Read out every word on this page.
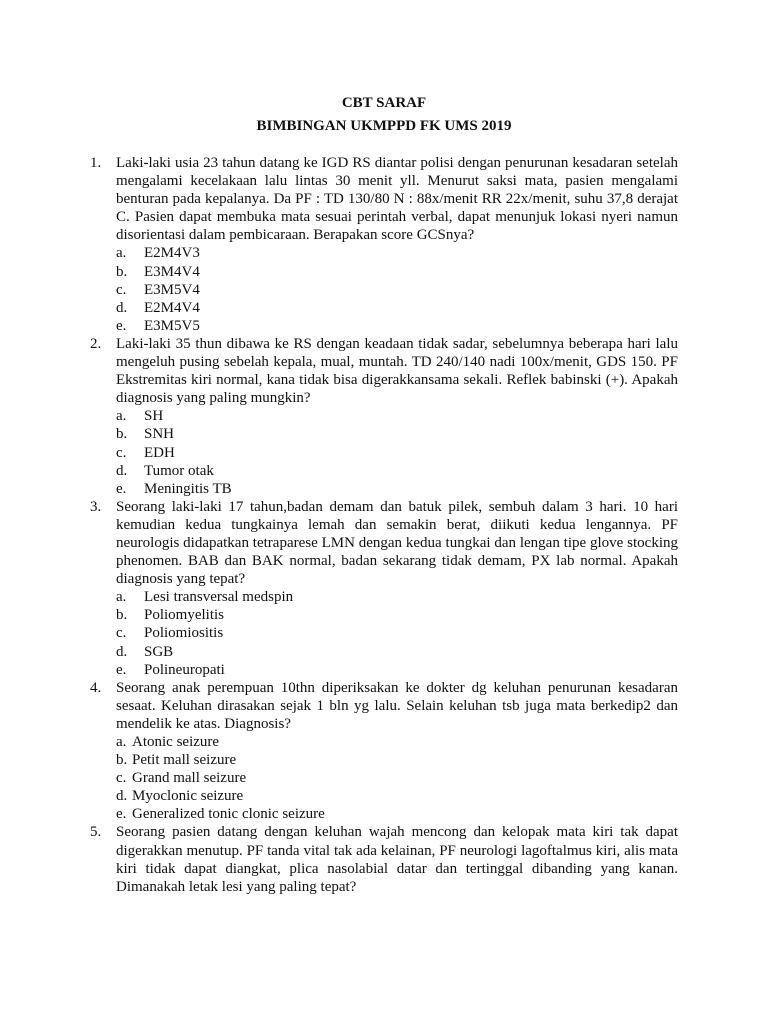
CBT SARAF
BIMBINGAN UKMPPD FK UMS 2019
1. Laki-laki usia 23 tahun datang ke IGD RS diantar polisi dengan penurunan kesadaran setelah mengalami kecelakaan lalu lintas 30 menit yll. Menurut saksi mata, pasien mengalami benturan pada kepalanya. Da PF : TD 130/80 N : 88x/menit RR 22x/menit, suhu 37,8 derajat C. Pasien dapat membuka mata sesuai perintah verbal, dapat menunjuk lokasi nyeri namun disorientasi dalam pembicaraan. Berapakan score GCSnya?
a. E2M4V3
b. E3M4V4
c. E3M5V4
d. E2M4V4
e. E3M5V5
2. Laki-laki 35 thun dibawa ke RS dengan keadaan tidak sadar, sebelumnya beberapa hari lalu mengeluh pusing sebelah kepala, mual, muntah. TD 240/140 nadi 100x/menit, GDS 150. PF Ekstremitas kiri normal, kana tidak bisa digerakkansama sekali. Reflek babinski (+). Apakah diagnosis yang paling mungkin?
a. SH
b. SNH
c. EDH
d. Tumor otak
e. Meningitis TB
3. Seorang laki-laki 17 tahun,badan demam dan batuk pilek, sembuh dalam 3 hari. 10 hari kemudian kedua tungkainya lemah dan semakin berat, diikuti kedua lengannya. PF neurologis didapatkan tetraparese LMN dengan kedua tungkai dan lengan tipe glove stocking phenomen. BAB dan BAK normal, badan sekarang tidak demam, PX lab normal. Apakah diagnosis yang tepat?
a. Lesi transversal medspin
b. Poliomyelitis
c. Poliomiositis
d. SGB
e. Polineuropati
4. Seorang anak perempuan 10thn diperiksakan ke dokter dg keluhan penurunan kesadaran sesaat. Keluhan dirasakan sejak 1 bln yg lalu. Selain keluhan tsb juga mata berkedip2 dan mendelik ke atas. Diagnosis?
a. Atonic seizure
b. Petit mall seizure
c. Grand mall seizure
d. Myoclonic seizure
e. Generalized tonic clonic seizure
5. Seorang pasien datang dengan keluhan wajah mencong dan kelopak mata kiri tak dapat digerakkan menutup. PF tanda vital tak ada kelainan, PF neurologi lagoftalmus kiri, alis mata kiri tidak dapat diangkat, plica nasolabial datar dan tertinggal dibanding yang kanan. Dimanakah letak lesi yang paling tepat?
